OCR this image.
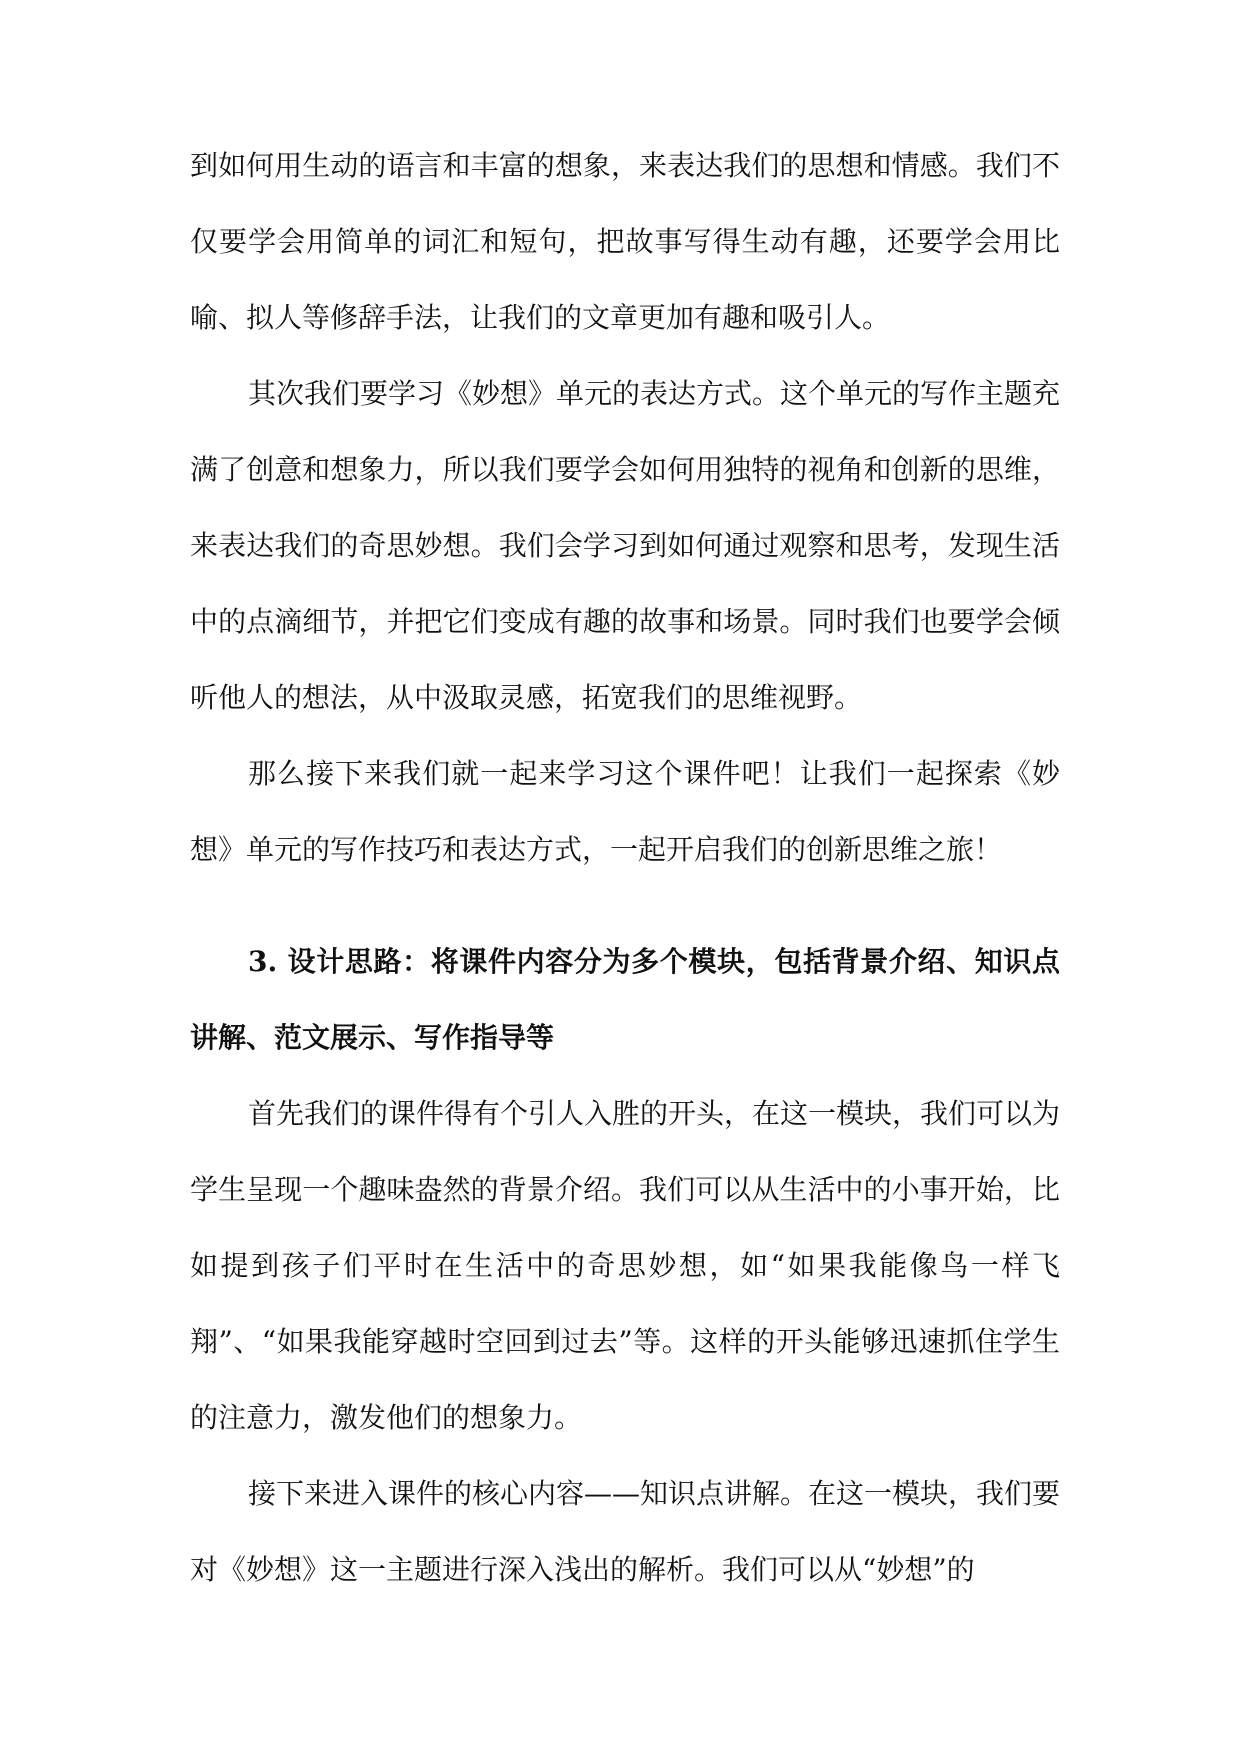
到如何用生动的语言和丰富的想象，来表达我们的思想和情感。我们不仅要学会用简单的词汇和短句，把故事写得生动有趣，还要学会用比喻、拟人等修辞手法，让我们的文章更加有趣和吸引人。

其次我们要学习《妙想》单元的表达方式。这个单元的写作主题充满了创意和想象力，所以我们要学会如何用独特的视角和创新的思维，来表达我们的奇思妙想。我们会学习到如何通过观察和思考，发现生活中的点滴细节，并把它们变成有趣的故事和场景。同时我们也要学会倾听他人的想法，从中汲取灵感，拓宽我们的思维视野。

那么接下来我们就一起来学习这个课件吧！让我们一起探索《妙想》单元的写作技巧和表达方式，一起开启我们的创新思维之旅！

3. 设计思路：将课件内容分为多个模块，包括背景介绍、知识点讲解、范文展示、写作指导等

首先我们的课件得有个引人入胜的开头，在这一模块，我们可以为学生呈现一个趣味盎然的背景介绍。我们可以从生活中的小事开始，比如提到孩子们平时在生活中的奇思妙想，如“如果我能像鸟一样飞翔”、“如果我能穿越时空回到过去”等。这样的开头能够迅速抓住学生的注意力，激发他们的想象力。

接下来进入课件的核心内容——知识点讲解。在这一模块，我们要对《妙想》这一主题进行深入浅出的解析。我们可以从“妙想”的
